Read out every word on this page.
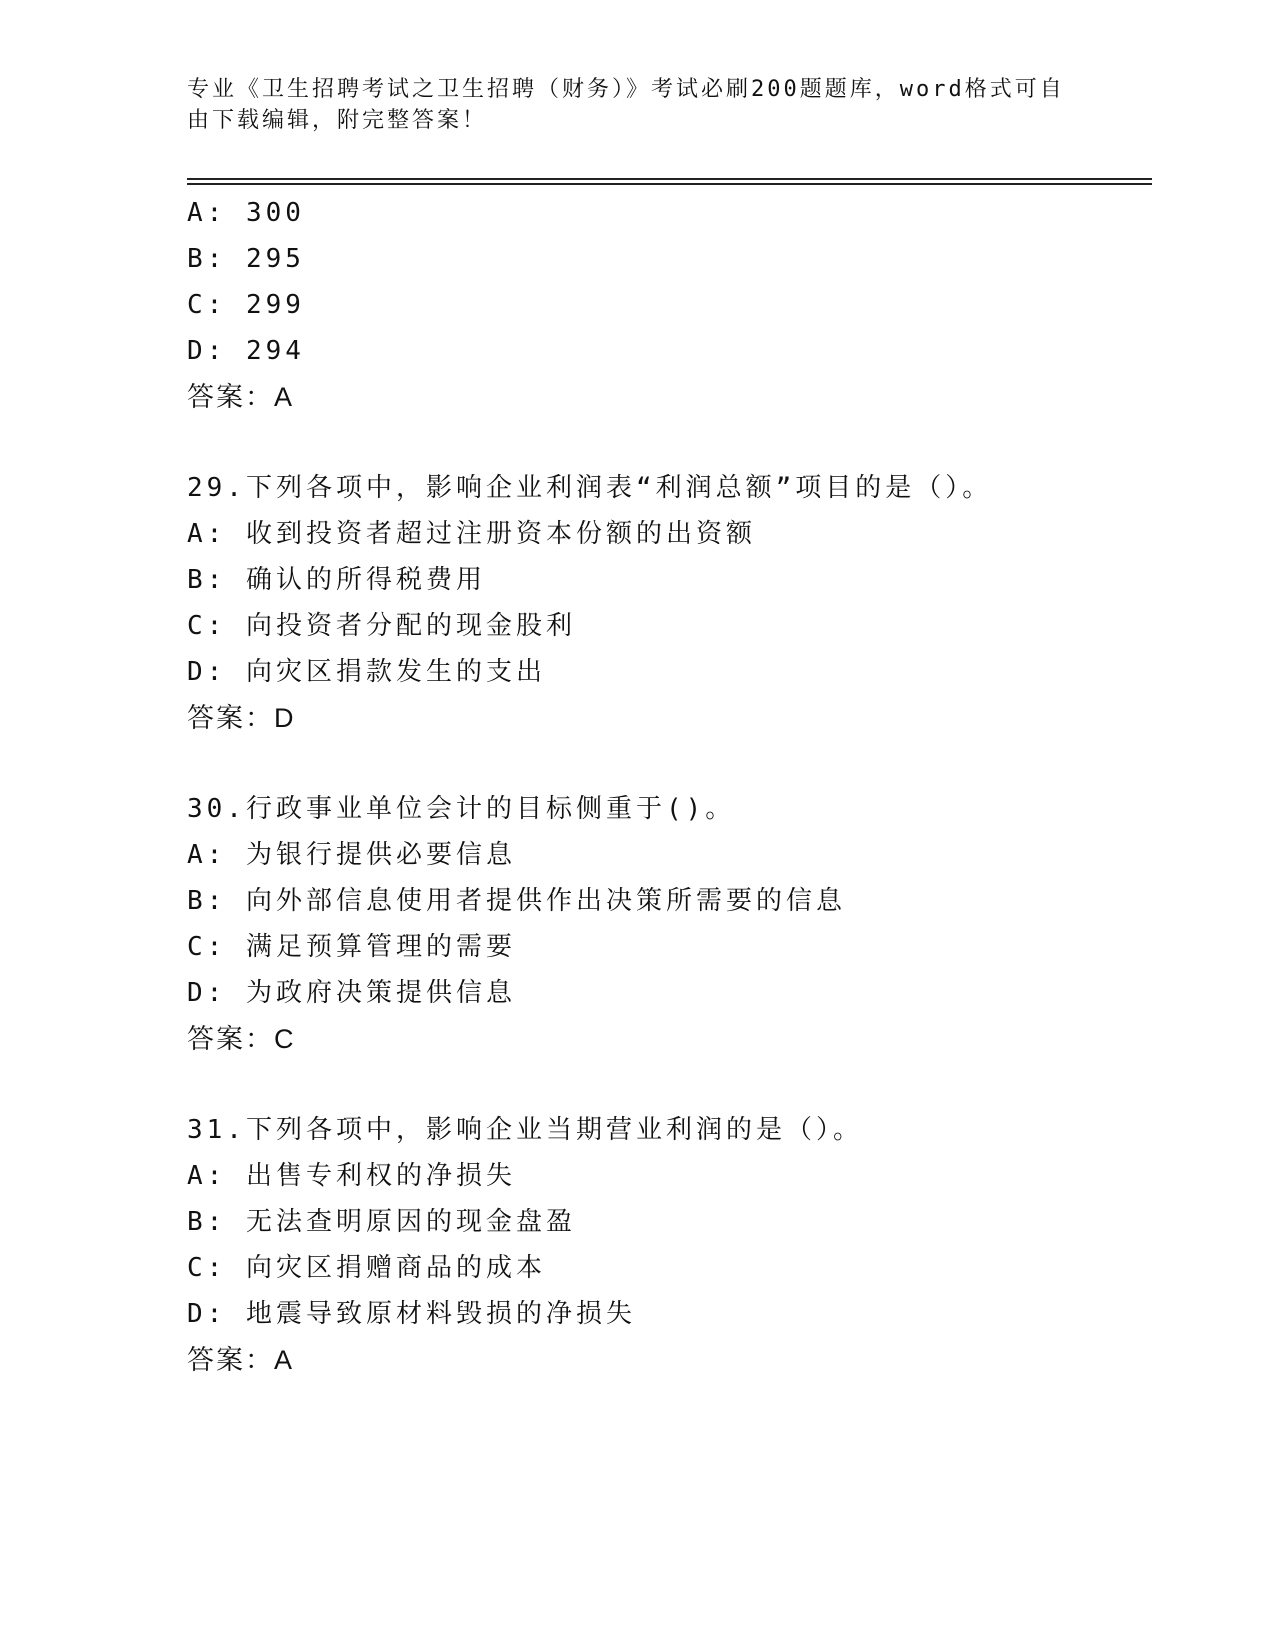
专业《卫生招聘考试之卫生招聘（财务）》考试必刷200题题库，word格式可自由下载编辑，附完整答案！
A: 300
B: 295
C: 299
D: 294
答案：A
29.下列各项中，影响企业利润表“利润总额”项目的是（）。
A: 收到投资者超过注册资本份额的出资额
B: 确认的所得税费用
C: 向投资者分配的现金股利
D: 向灾区捐款发生的支出
答案：D
30.行政事业单位会计的目标侧重于()。
A: 为银行提供必要信息
B: 向外部信息使用者提供作出决策所需要的信息
C: 满足预算管理的需要
D: 为政府决策提供信息
答案：C
31.下列各项中，影响企业当期营业利润的是（）。
A: 出售专利权的净损失
B: 无法查明原因的现金盘盈
C: 向灾区捐赠商品的成本
D: 地震导致原材料毁损的净损失
答案：A
